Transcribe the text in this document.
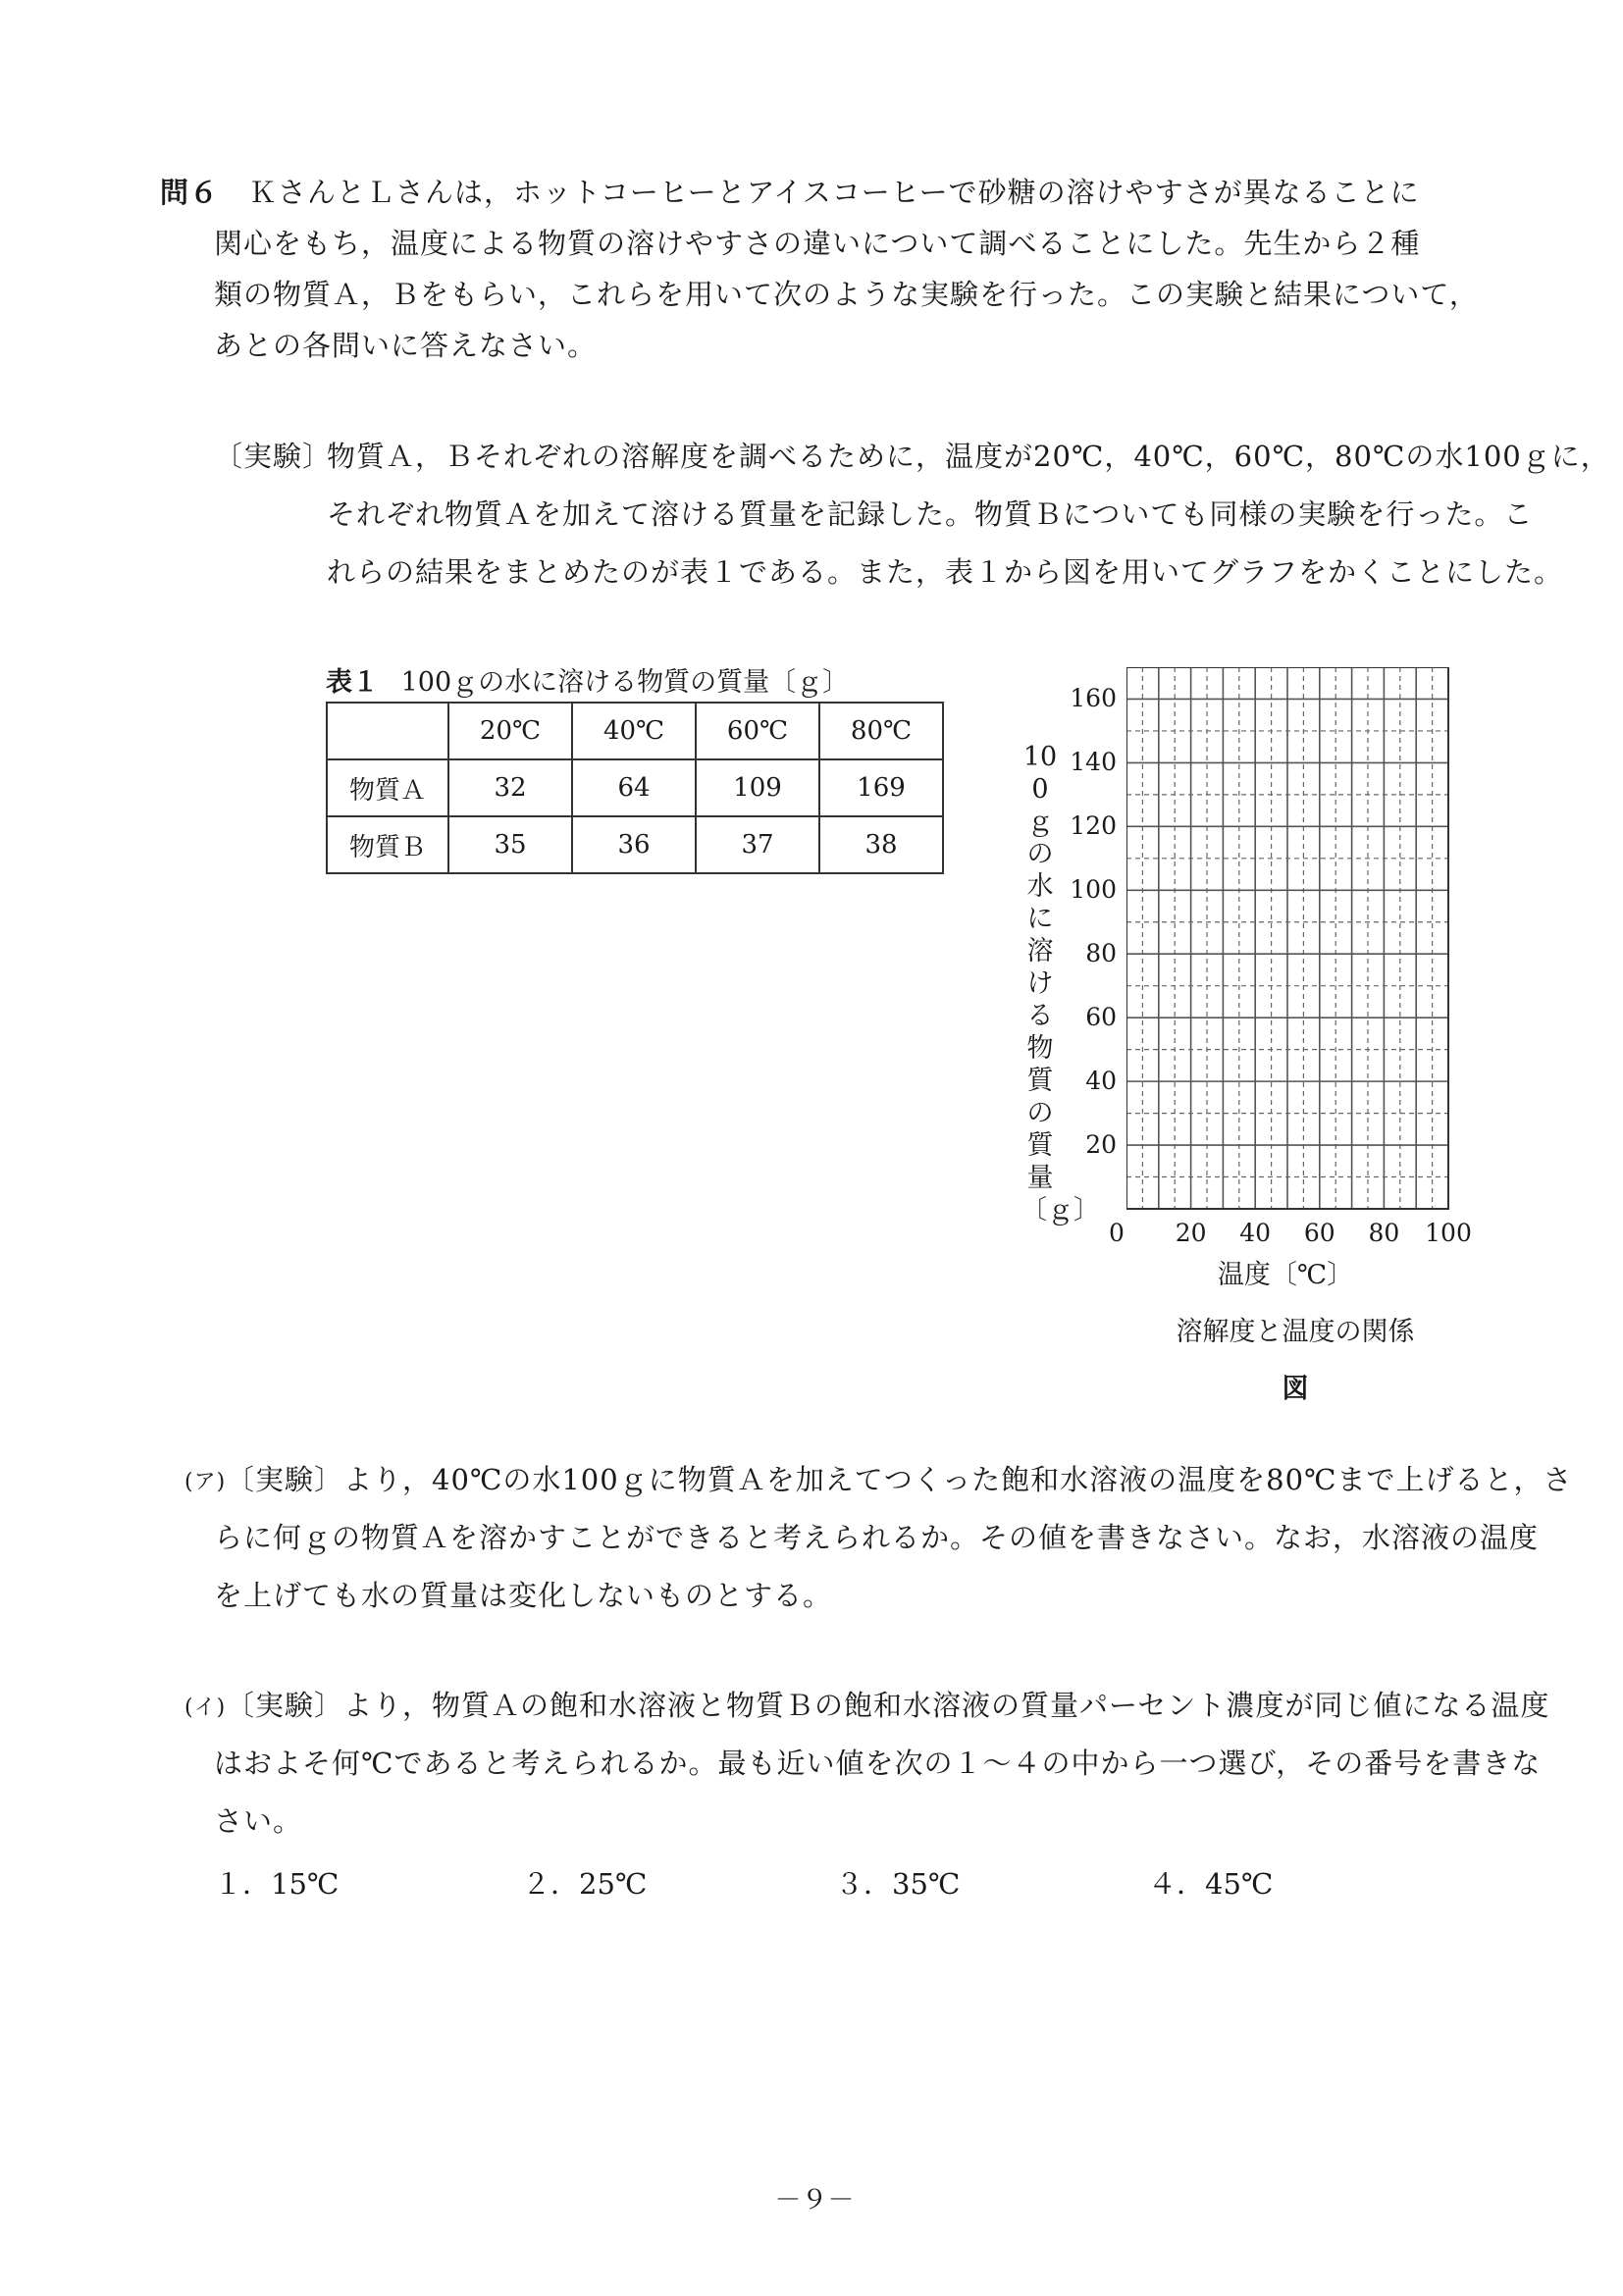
問６ ＫさんとＬさんは，ホットコーヒーとアイスコーヒーで砂糖の溶けやすさが異なることに
関心をもち，温度による物質の溶けやすさの違いについて調べることにした。先生から２種
類の物質Ａ，Ｂをもらい，これらを用いて次のような実験を行った。この実験と結果について，
あとの各問いに答えなさい。
〔実験〕
物質Ａ，Ｂそれぞれの溶解度を調べるために，温度が20℃，40℃，60℃，80℃の水100ｇに，
それぞれ物質Ａを加えて溶ける質量を記録した。物質Ｂについても同様の実験を行った。こ
れらの結果をまとめたのが表１である。また，表１から図を用いてグラフをかくことにした。
表１ 100ｇの水に溶ける物質の質量〔ｇ〕
	20℃	40℃	60℃	80℃
物質Ａ	32	64	109	169
物質Ｂ	35	36	37	38
100ｇの水に溶ける物質の質量〔ｇ〕
20
40
60
80
100
120
140
160
0	20	40	60	80	100
温度〔℃〕
溶解度と温度の関係
図
(ア) 〔実験〕より，40℃の水100ｇに物質Ａを加えてつくった飽和水溶液の温度を80℃まで上げると，さ
らに何ｇの物質Ａを溶かすことができると考えられるか。その値を書きなさい。なお，水溶液の温度
を上げても水の質量は変化しないものとする。
(イ) 〔実験〕より，物質Ａの飽和水溶液と物質Ｂの飽和水溶液の質量パーセント濃度が同じ値になる温度
はおよそ何℃であると考えられるか。最も近い値を次の１～４の中から一つ選び，その番号を書きな
さい。
１．15℃	２．25℃	３．35℃	４．45℃
－９－
